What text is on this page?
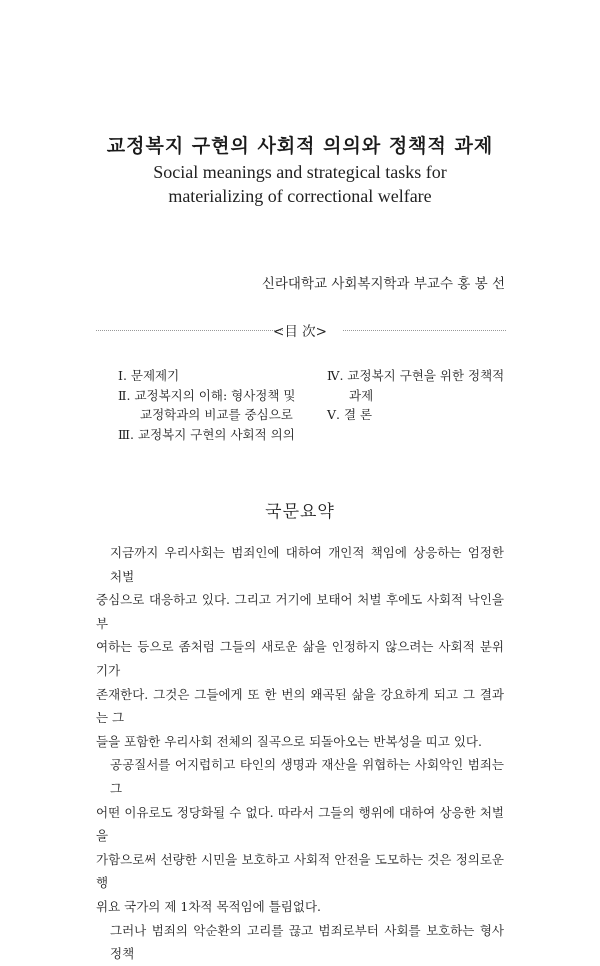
교정복지 구현의 사회적 의의와 정책적 과제
Social meanings and strategical tasks for
materializing of correctional welfare
신라대학교 사회복지학과 부교수 홍 봉 선
<目 次>
Ⅰ. 문제제기
Ⅱ. 교정복지의 이해: 형사정책 및
교정학과의 비교를 중심으로
Ⅲ. 교정복지 구현의 사회적 의의
Ⅳ. 교정복지 구현을 위한 정책적
과제
Ⅴ. 결 론
국문요약

지금까지 우리사회는 범죄인에 대하여 개인적 책임에 상응하는 엄정한 처벌

중심으로 대응하고 있다. 그리고 거기에 보태어 처벌 후에도 사회적 낙인을 부

여하는 등으로 좀처럼 그들의 새로운 삶을 인정하지 않으려는 사회적 분위기가

존재한다. 그것은 그들에게 또 한 번의 왜곡된 삶을 강요하게 되고 그 결과는 그

들을 포함한 우리사회 전체의 질곡으로 되돌아오는 반복성을 띠고 있다.

공공질서를 어지럽히고 타인의 생명과 재산을 위협하는 사회악인 범죄는 그

어떤 이유로도 정당화될 수 없다. 따라서 그들의 행위에 대하여 상응한 처벌을

가함으로써 선량한 시민을 보호하고 사회적 안전을 도모하는 것은 정의로운 행

위요 국가의 제 1차적 목적임에 틀림없다.

그러나 범죄의 악순환의 고리를 끊고 범죄로부터 사회를 보호하는 형사정책
